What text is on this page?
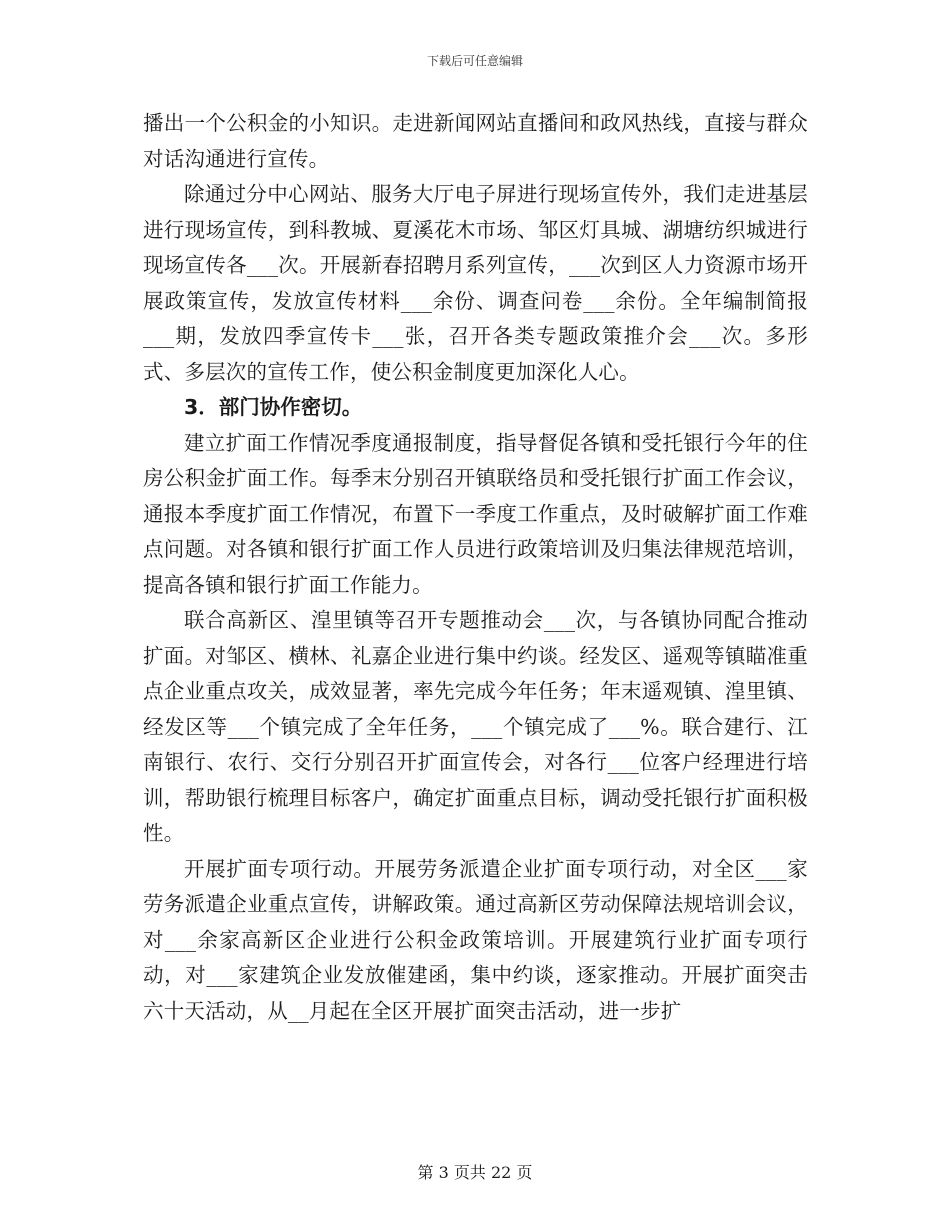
下载后可任意编辑

播出一个公积金的小知识。走进新闻网站直播间和政风热线，直接与群众对话沟通进行宣传。

除通过分中心网站、服务大厅电子屏进行现场宣传外，我们走进基层进行现场宣传，到科教城、夏溪花木市场、邹区灯具城、湖塘纺织城进行现场宣传各___次。开展新春招聘月系列宣传，___次到区人力资源市场开展政策宣传，发放宣传材料___余份、调查问卷___余份。全年编制简报___期，发放四季宣传卡___张，召开各类专题政策推介会___次。多形式、多层次的宣传工作，使公积金制度更加深化人心。

3．部门协作密切。

建立扩面工作情况季度通报制度，指导督促各镇和受托银行今年的住房公积金扩面工作。每季末分别召开镇联络员和受托银行扩面工作会议，通报本季度扩面工作情况，布置下一季度工作重点，及时破解扩面工作难点问题。对各镇和银行扩面工作人员进行政策培训及归集法律规范培训，提高各镇和银行扩面工作能力。

联合高新区、湟里镇等召开专题推动会___次，与各镇协同配合推动扩面。对邹区、横林、礼嘉企业进行集中约谈。经发区、遥观等镇瞄准重点企业重点攻关，成效显著，率先完成今年任务；年末遥观镇、湟里镇、经发区等___个镇完成了全年任务，___个镇完成了___%。联合建行、江南银行、农行、交行分别召开扩面宣传会，对各行___位客户经理进行培训，帮助银行梳理目标客户，确定扩面重点目标，调动受托银行扩面积极性。

开展扩面专项行动。开展劳务派遣企业扩面专项行动，对全区___家劳务派遣企业重点宣传，讲解政策。通过高新区劳动保障法规培训会议，对___余家高新区企业进行公积金政策培训。开展建筑行业扩面专项行动，对___家建筑企业发放催建函，集中约谈，逐家推动。开展扩面突击六十天活动，从__月起在全区开展扩面突击活动，进一步扩

第 3 页共 22 页
